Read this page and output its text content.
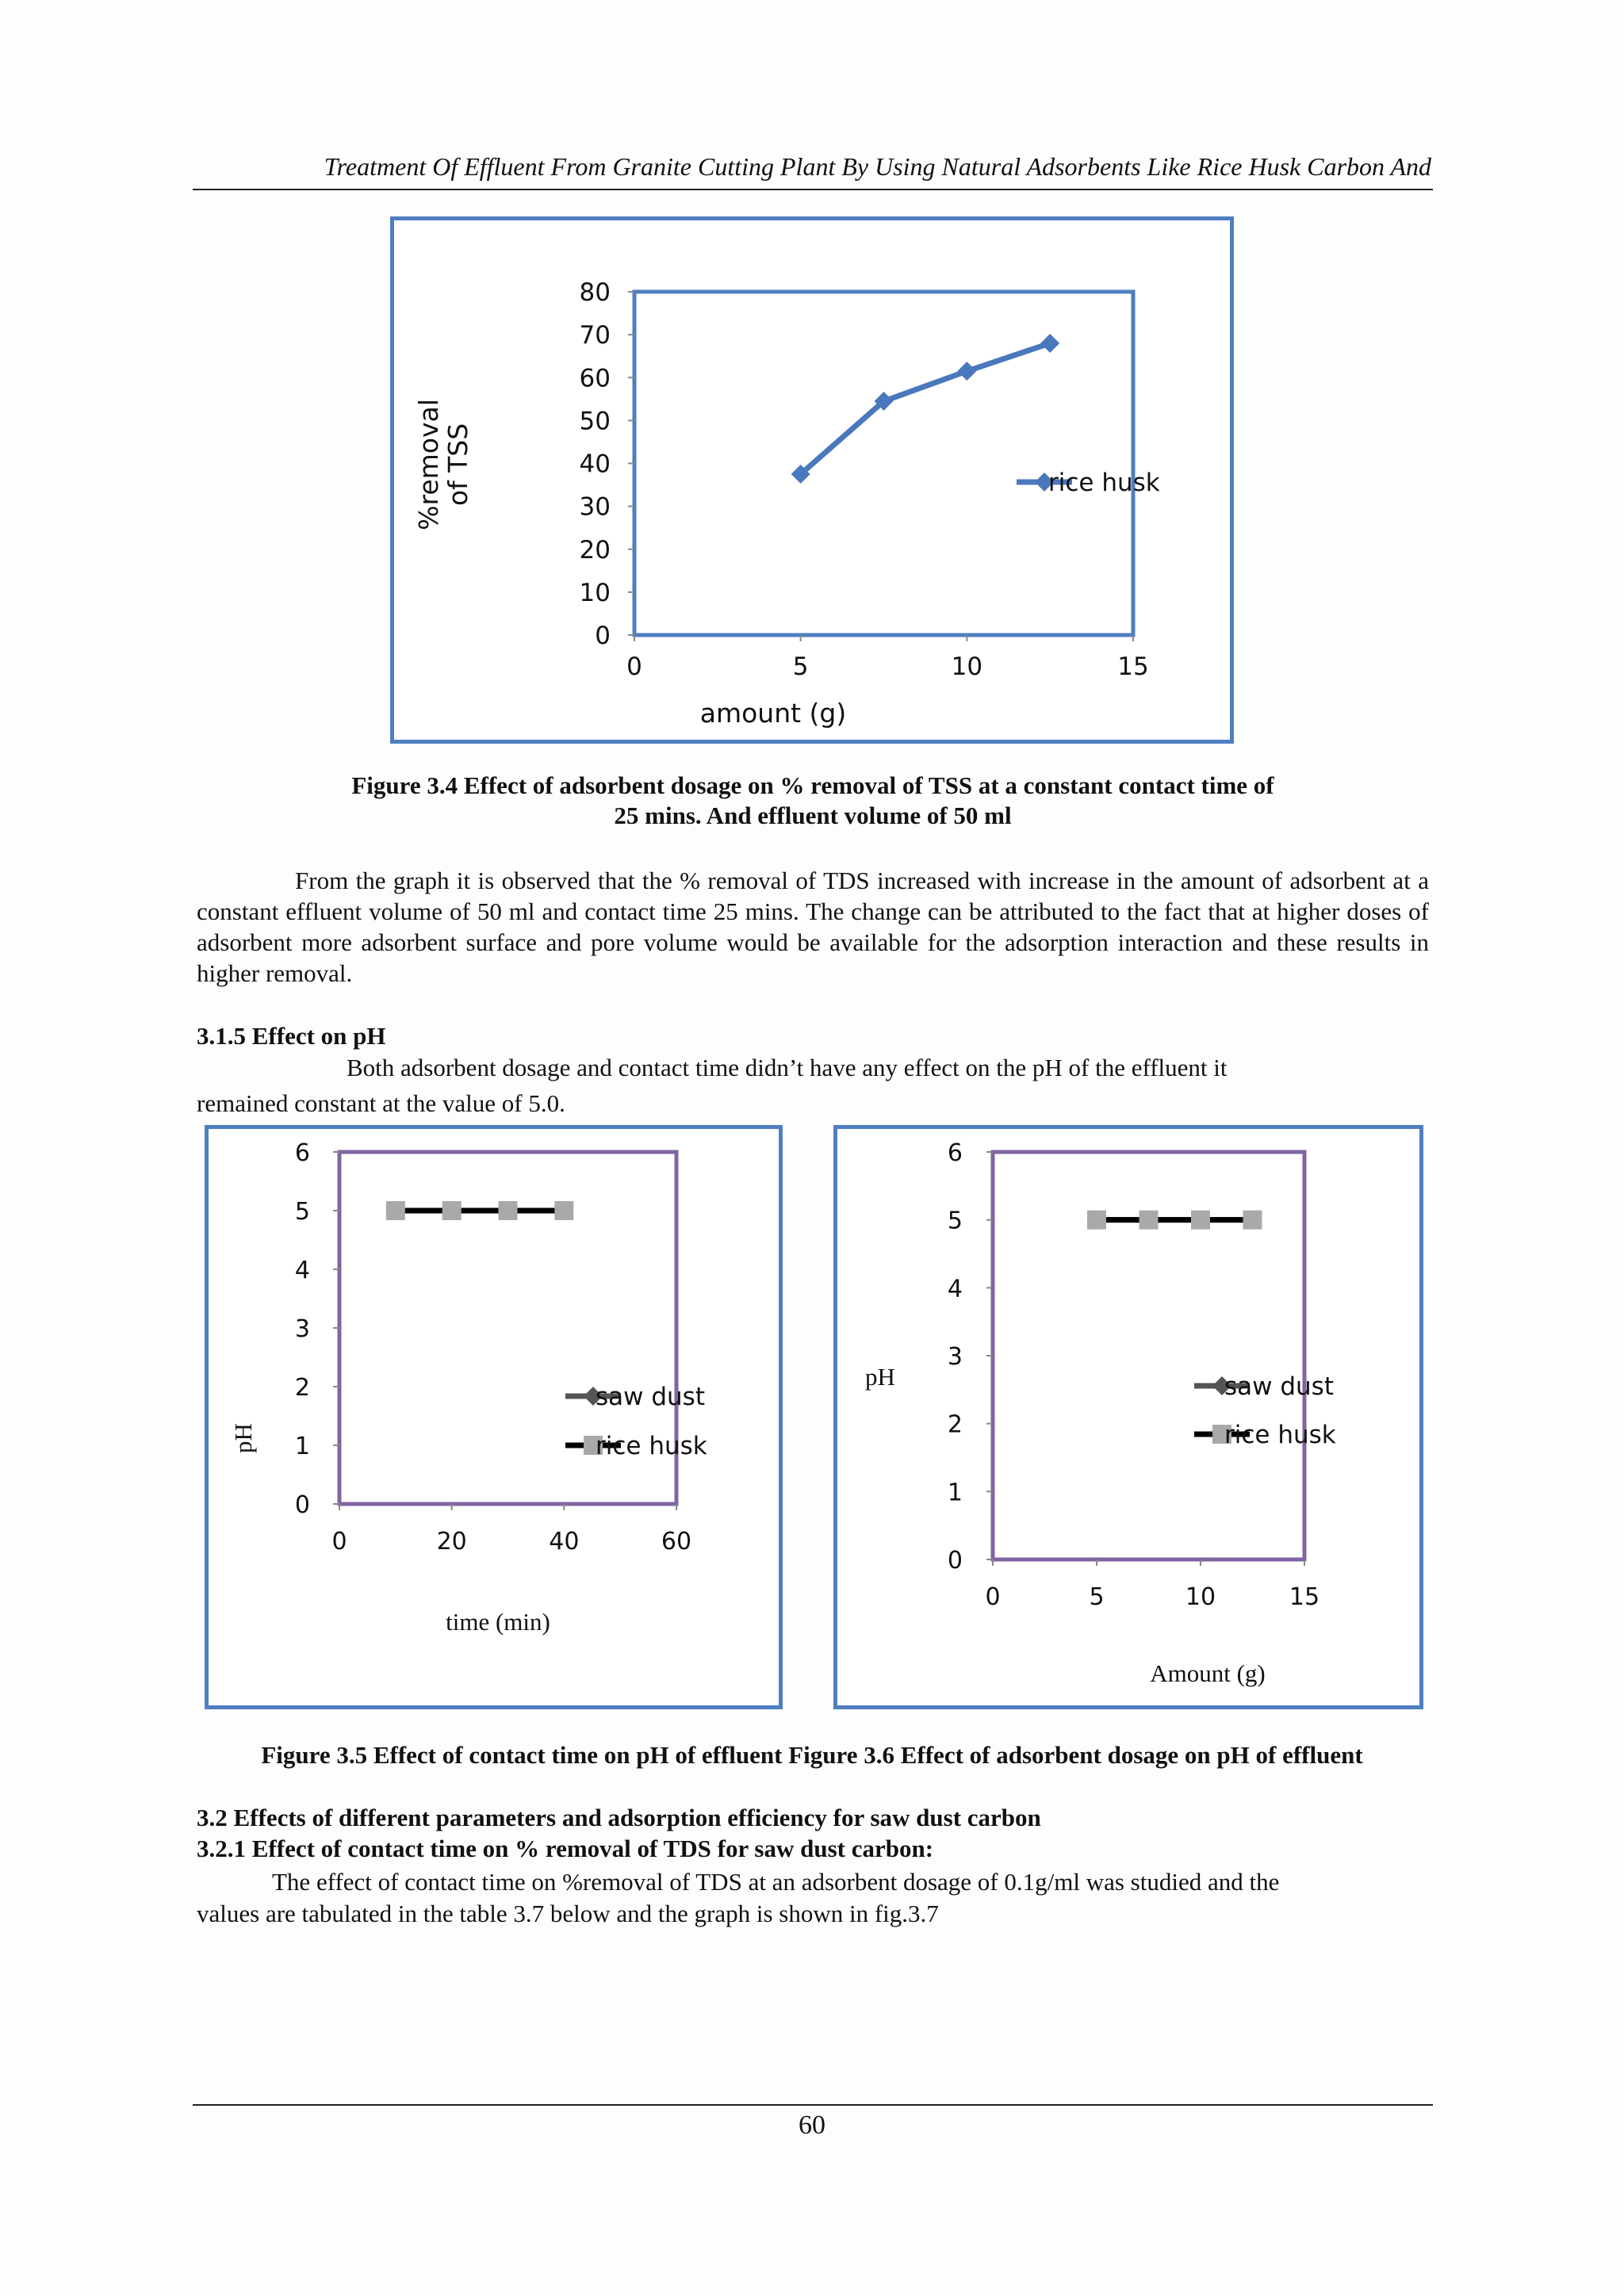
Treatment Of Effluent From Granite Cutting Plant By Using Natural Adsorbents Like Rice Husk Carbon And
0
10
20
30
40
50
60
70
80
0	5	10	15
rice husk
amount (g)
%removal
of TSS
Figure 3.4 Effect of adsorbent dosage on % removal of TSS at a constant contact time of
25 mins. And effluent volume of 50 ml
From the graph it is observed that the % removal of TDS increased with increase in the amount of adsorbent at a constant effluent volume of 50 ml and contact time 25 mins. The change can be attributed to the fact that at higher doses of adsorbent more adsorbent surface and pore volume would be available for the adsorption interaction and these results in higher removal.
3.1.5 Effect on pH
Both adsorbent dosage and contact time didn’t have any effect on the pH of the effluent it
remained constant at the value of 5.0.
0
1
2
3
4
5
6
0	20	40	60
saw dust
rice husk
time (min)
pH
0
1
2
3
4
5
6
0	5	10	15
saw dust
rice husk
Amount (g)
pH
Figure 3.5 Effect of contact time on pH of effluent Figure 3.6 Effect of adsorbent dosage on pH of effluent
3.2 Effects of different parameters and adsorption efficiency for saw dust carbon
3.2.1 Effect of contact time on % removal of TDS for saw dust carbon:
The effect of contact time on %removal of TDS at an adsorbent dosage of 0.1g/ml was studied and the
values are tabulated in the table 3.7 below and the graph is shown in fig.3.7
60
